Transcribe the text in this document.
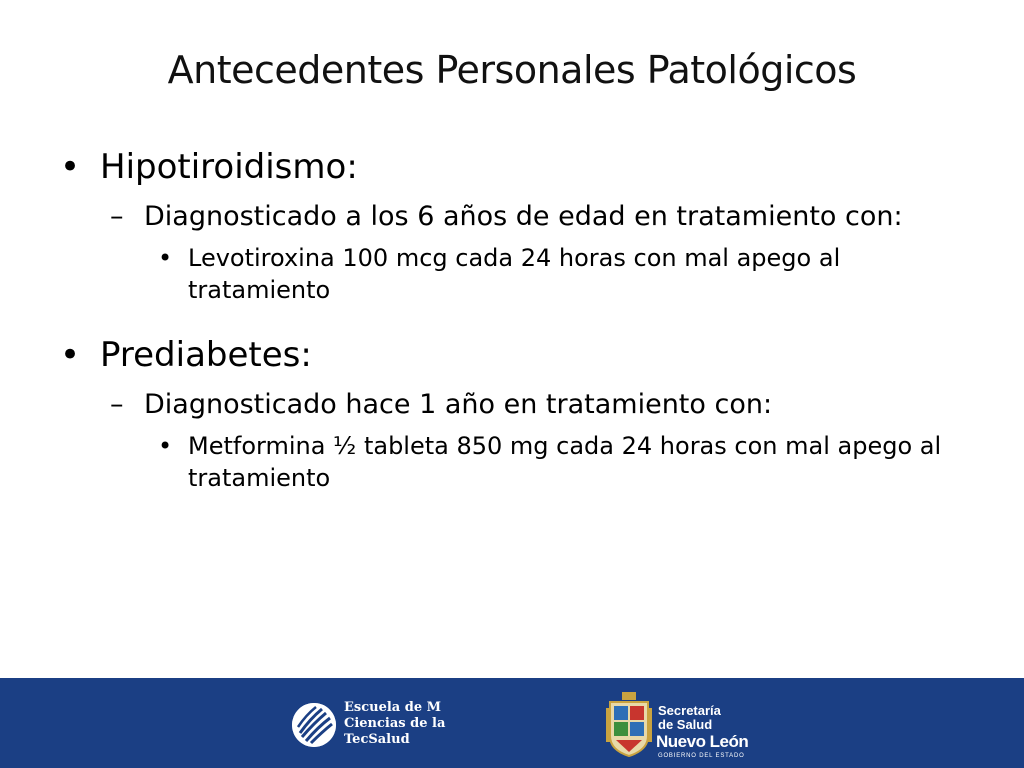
Antecedentes Personales Patológicos
• Hipotiroidismo:
– Diagnosticado a los 6 años de edad en tratamiento con:
• Levotiroxina 100 mcg cada 24 horas con mal apego al tratamiento
• Prediabetes:
– Diagnosticado hace 1 año en tratamiento con:
• Metformina ½ tableta 850 mg cada 24 horas con mal apego al tratamiento
Escuela de M
Ciencias de la
TecSalud
Secretaría
de Salud
Nuevo León
GOBIERNO DEL ESTADO
